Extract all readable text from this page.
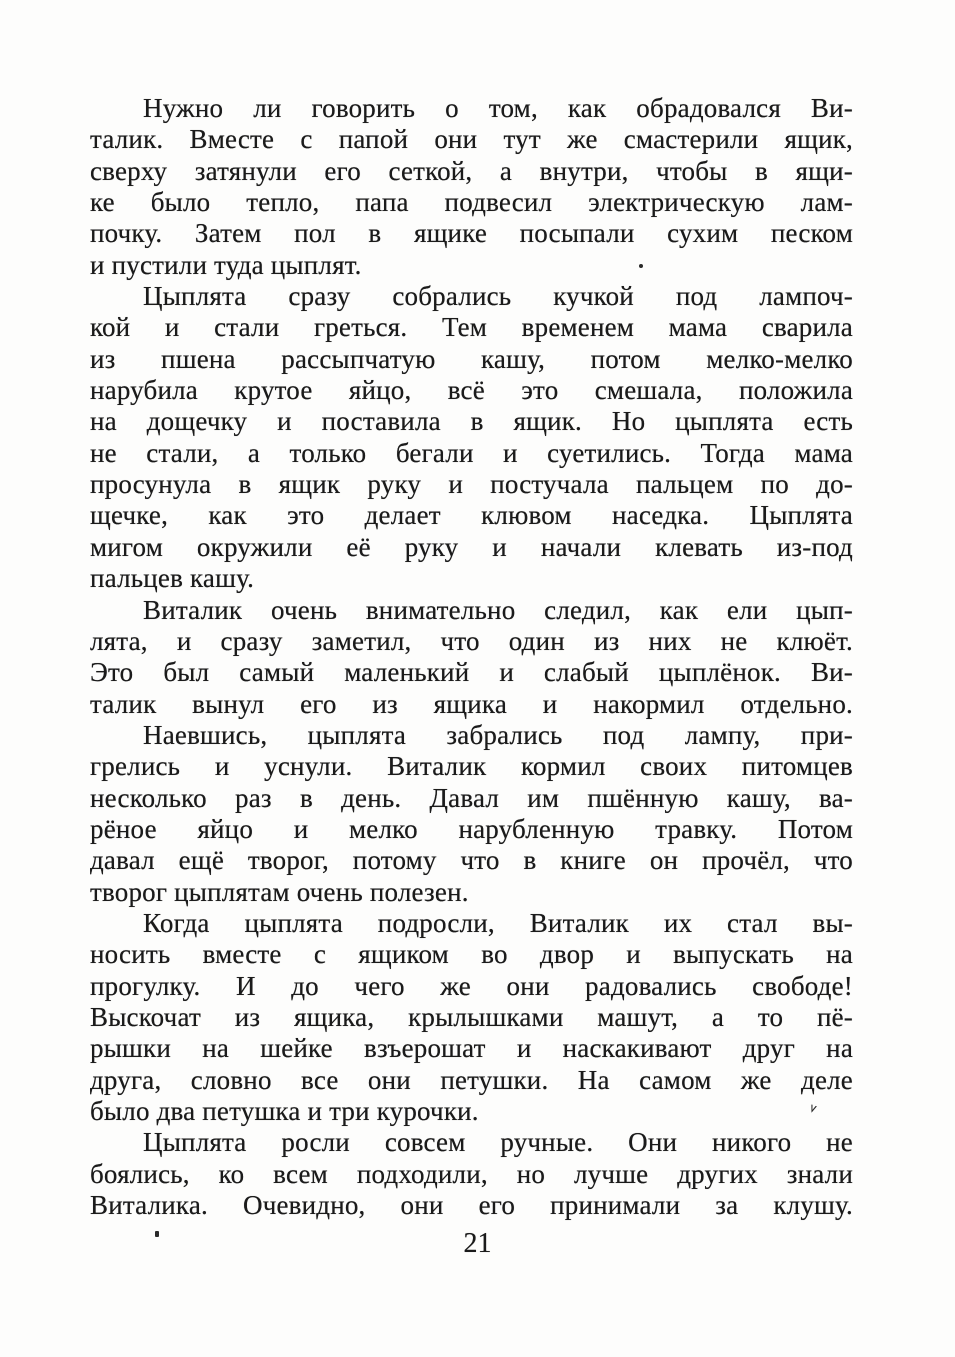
Нужно ли говорить о том, как обрадовался Ви-
талик. Вместе с папой они тут же смастерили ящик,
сверху затянули его сеткой, а внутри, чтобы в ящи-
ке было тепло, папа подвесил электрическую лам-
почку. Затем пол в ящике посыпали сухим песком
и пустили туда цыплят.
Цыплята сразу собрались кучкой под лампоч-
кой и стали греться. Тем временем мама сварила
из пшена рассыпчатую кашу, потом мелко-мелко
нарубила крутое яйцо, всё это смешала, положила
на дощечку и поставила в ящик. Но цыплята есть
не стали, а только бегали и суетились. Тогда мама
просунула в ящик руку и постучала пальцем по до-
щечке, как это делает клювом наседка. Цыплята
мигом окружили её руку и начали клевать из-под
пальцев кашу.
Виталик очень внимательно следил, как ели цып-
лята, и сразу заметил, что один из них не клюёт.
Это был самый маленький и слабый цыплёнок. Ви-
талик вынул его из ящика и накормил отдельно.
Наевшись, цыплята забрались под лампу, при-
грелись и уснули. Виталик кормил своих питомцев
несколько раз в день. Давал им пшённую кашу, ва-
рёное яйцо и мелко нарубленную травку. Потом
давал ещё творог, потому что в книге он прочёл, что
творог цыплятам очень полезен.
Когда цыплята подросли, Виталик их стал вы-
носить вместе с ящиком во двор и выпускать на
прогулку. И до чего же они радовались свободе!
Выскочат из ящика, крылышками машут, а то пё-
рышки на шейке взъерошат и наскакивают друг на
друга, словно все они петушки. На самом же деле
было два петушка и три курочки.
Цыплята росли совсем ручные. Они никого не
боялись, ко всем подходили, но лучше других знали
Виталика. Очевидно, они его принимали за клушу.
21
